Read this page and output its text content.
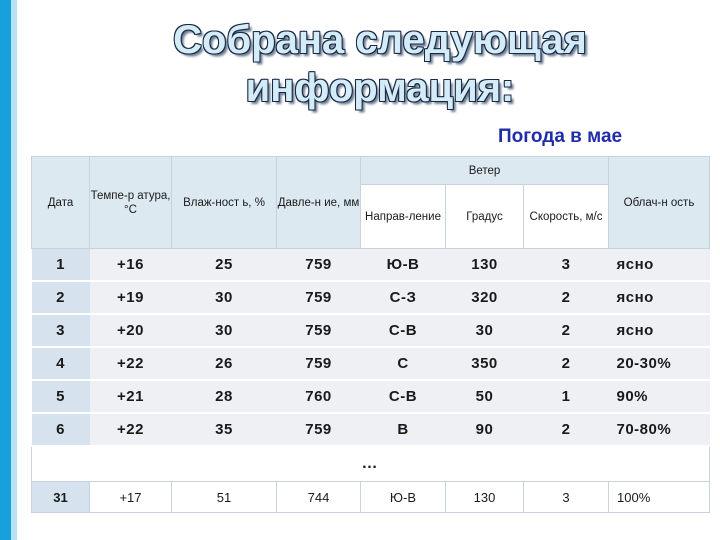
Собрана следующая
информация:
Погода в мае
Дата	Темпе-р атура, °С	Влаж-ност ь, %	Давле-н ие, мм	Ветер			Облач-н ость
				Направ-ление	Градус	Скорость, м/с	
1	+16	25	759	Ю-В	130	3	ясно
2	+19	30	759	С-З	320	2	ясно
3	+20	30	759	С-В	30	2	ясно
4	+22	26	759	С	350	2	20-30%
5	+21	28	760	С-В	50	1	90%
6	+22	35	759	В	90	2	70-80%
…							
31	+17	51	744	Ю-В	130	3	100%
